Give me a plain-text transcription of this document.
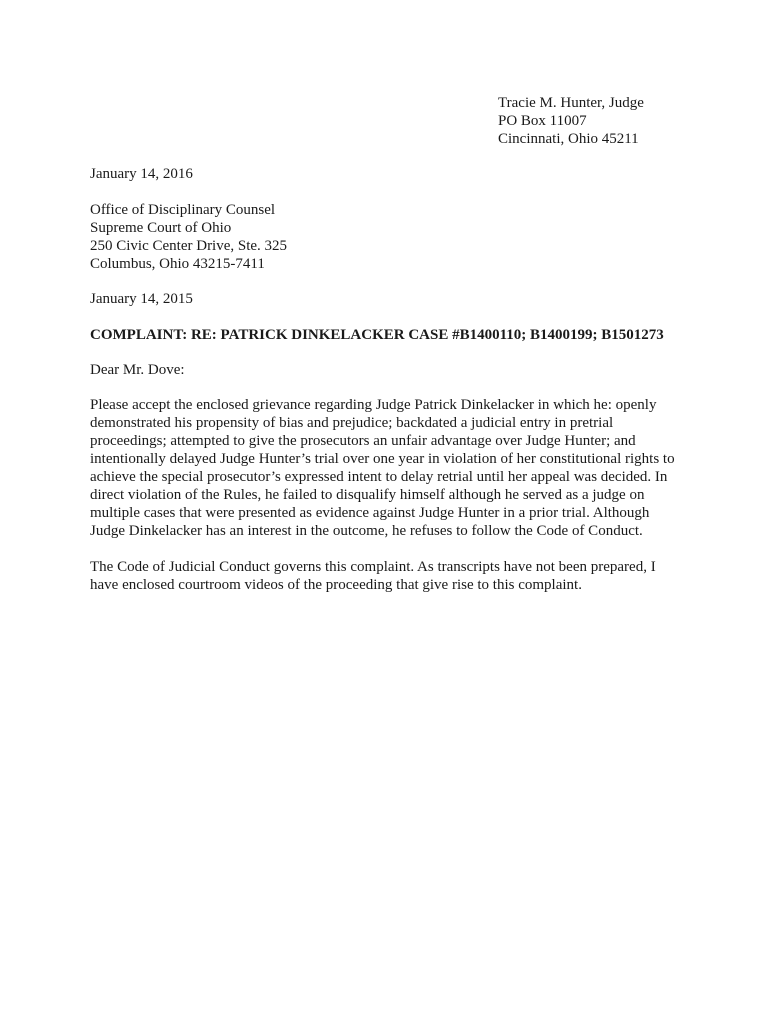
Tracie M. Hunter, Judge
PO Box 11007
Cincinnati, Ohio 45211
January 14, 2016
Office of Disciplinary Counsel
Supreme Court of Ohio
250 Civic Center Drive, Ste. 325
Columbus, Ohio 43215-7411
January 14, 2015
COMPLAINT: RE: PATRICK DINKELACKER CASE #B1400110; B1400199; B1501273
Dear Mr. Dove:
Please accept the enclosed grievance regarding Judge Patrick Dinkelacker in which he: openly
demonstrated his propensity of bias and prejudice; backdated a judicial entry in pretrial
proceedings; attempted to give the prosecutors an unfair advantage over Judge Hunter; and
intentionally delayed Judge Hunter’s trial over one year in violation of her constitutional rights to
achieve the special prosecutor’s expressed intent to delay retrial until her appeal was decided. In
direct violation of the Rules, he failed to disqualify himself although he served as a judge on
multiple cases that were presented as evidence against Judge Hunter in a prior trial. Although
Judge Dinkelacker has an interest in the outcome, he refuses to follow the Code of Conduct.
The Code of Judicial Conduct governs this complaint. As transcripts have not been prepared, I
have enclosed courtroom videos of the proceeding that give rise to this complaint.
